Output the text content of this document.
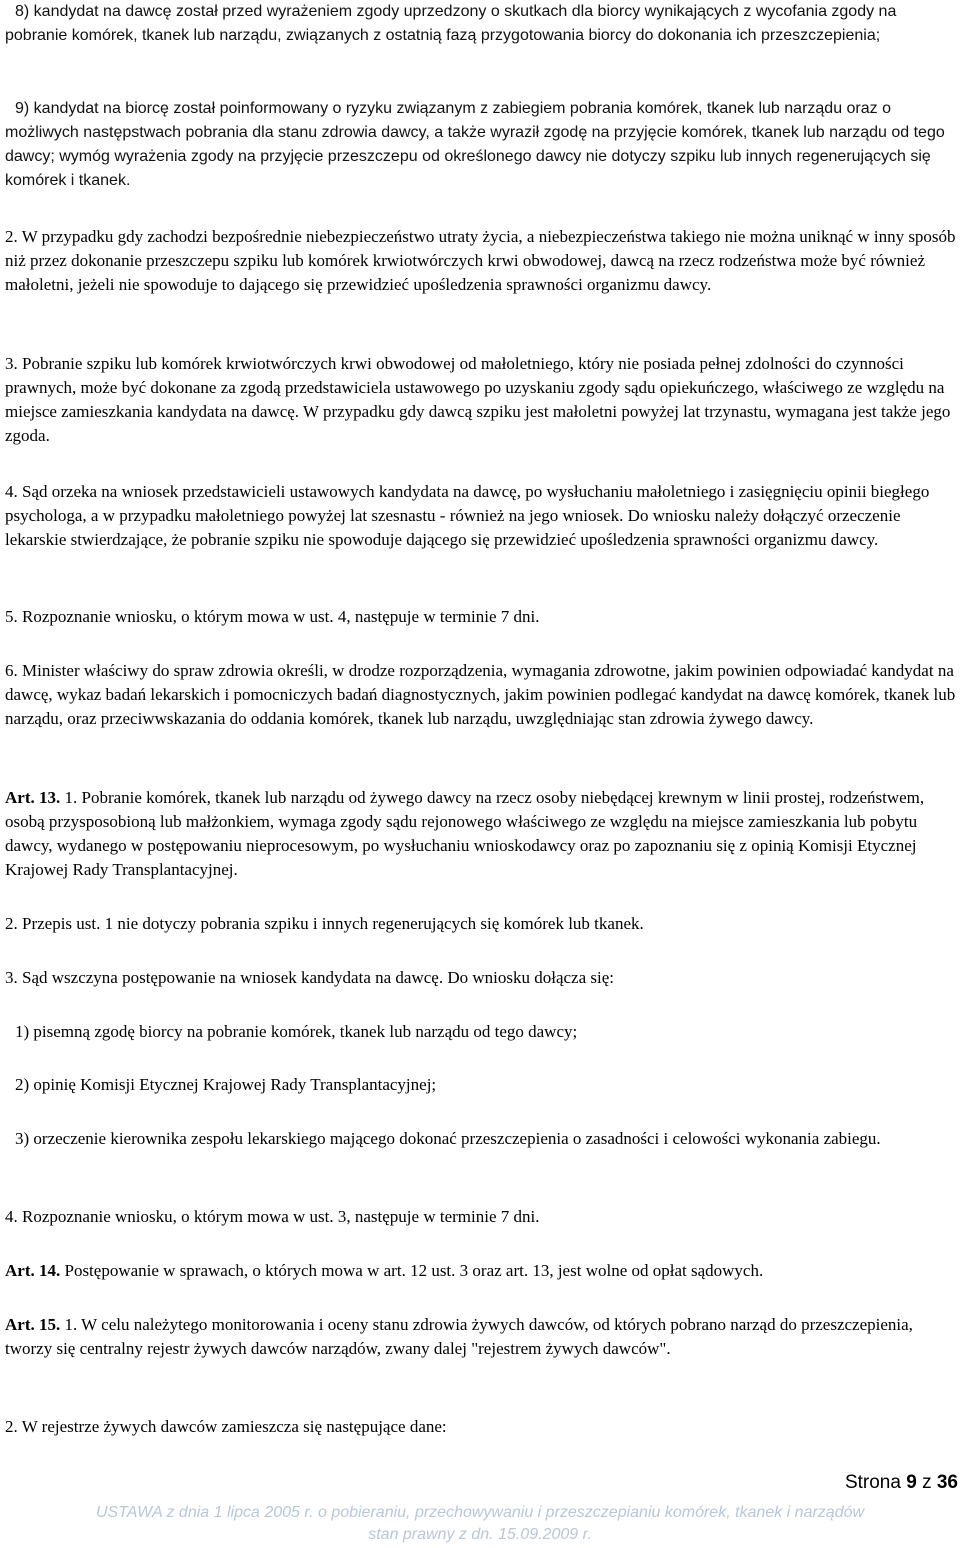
8) kandydat na dawcę został przed wyrażeniem zgody uprzedzony o skutkach dla biorcy wynikających z wycofania zgody na pobranie komórek, tkanek lub narządu, związanych z ostatnią fazą przygotowania biorcy do dokonania ich przeszczepienia;

9) kandydat na biorcę został poinformowany o ryzyku związanym z zabiegiem pobrania komórek, tkanek lub narządu oraz o możliwych następstwach pobrania dla stanu zdrowia dawcy, a także wyraził zgodę na przyjęcie komórek, tkanek lub narządu od tego dawcy; wymóg wyrażenia zgody na przyjęcie przeszczepu od określonego dawcy nie dotyczy szpiku lub innych regenerujących się komórek i tkanek.

2. W przypadku gdy zachodzi bezpośrednie niebezpieczeństwo utraty życia, a niebezpieczeństwa takiego nie można uniknąć w inny sposób niż przez dokonanie przeszczepu szpiku lub komórek krwiotwórczych krwi obwodowej, dawcą na rzecz rodzeństwa może być również małoletni, jeżeli nie spowoduje to dającego się przewidzieć upośledzenia sprawności organizmu dawcy.

3. Pobranie szpiku lub komórek krwiotwórczych krwi obwodowej od małoletniego, który nie posiada pełnej zdolności do czynności prawnych, może być dokonane za zgodą przedstawiciela ustawowego po uzyskaniu zgody sądu opiekuńczego, właściwego ze względu na miejsce zamieszkania kandydata na dawcę. W przypadku gdy dawcą szpiku jest małoletni powyżej lat trzynastu, wymagana jest także jego zgoda.

4. Sąd orzeka na wniosek przedstawicieli ustawowych kandydata na dawcę, po wysłuchaniu małoletniego i zasięgnięciu opinii biegłego psychologa, a w przypadku małoletniego powyżej lat szesnastu - również na jego wniosek. Do wniosku należy dołączyć orzeczenie lekarskie stwierdzające, że pobranie szpiku nie spowoduje dającego się przewidzieć upośledzenia sprawności organizmu dawcy.

5. Rozpoznanie wniosku, o którym mowa w ust. 4, następuje w terminie 7 dni.

6. Minister właściwy do spraw zdrowia określi, w drodze rozporządzenia, wymagania zdrowotne, jakim powinien odpowiadać kandydat na dawcę, wykaz badań lekarskich i pomocniczych badań diagnostycznych, jakim powinien podlegać kandydat na dawcę komórek, tkanek lub narządu, oraz przeciwwskazania do oddania komórek, tkanek lub narządu, uwzględniając stan zdrowia żywego dawcy.

Art. 13. 1. Pobranie komórek, tkanek lub narządu od żywego dawcy na rzecz osoby niebędącej krewnym w linii prostej, rodzeństwem, osobą przysposobioną lub małżonkiem, wymaga zgody sądu rejonowego właściwego ze względu na miejsce zamieszkania lub pobytu dawcy, wydanego w postępowaniu nieprocesowym, po wysłuchaniu wnioskodawcy oraz po zapoznaniu się z opinią Komisji Etycznej Krajowej Rady Transplantacyjnej.

2. Przepis ust. 1 nie dotyczy pobrania szpiku i innych regenerujących się komórek lub tkanek.

3. Sąd wszczyna postępowanie na wniosek kandydata na dawcę. Do wniosku dołącza się:

1) pisemną zgodę biorcy na pobranie komórek, tkanek lub narządu od tego dawcy;

2) opinię Komisji Etycznej Krajowej Rady Transplantacyjnej;

3) orzeczenie kierownika zespołu lekarskiego mającego dokonać przeszczepienia o zasadności i celowości wykonania zabiegu.

4. Rozpoznanie wniosku, o którym mowa w ust. 3, następuje w terminie 7 dni.

Art. 14. Postępowanie w sprawach, o których mowa w art. 12 ust. 3 oraz art. 13, jest wolne od opłat sądowych.

Art. 15. 1. W celu należytego monitorowania i oceny stanu zdrowia żywych dawców, od których pobrano narząd do przeszczepienia, tworzy się centralny rejestr żywych dawców narządów, zwany dalej "rejestrem żywych dawców".

2. W rejestrze żywych dawców zamieszcza się następujące dane:

Strona 9 z 36
USTAWA z dnia 1 lipca 2005 r. o pobieraniu, przechowywaniu i przeszczepianiu komórek, tkanek i narządów
stan prawny z dn. 15.09.2009 r.
